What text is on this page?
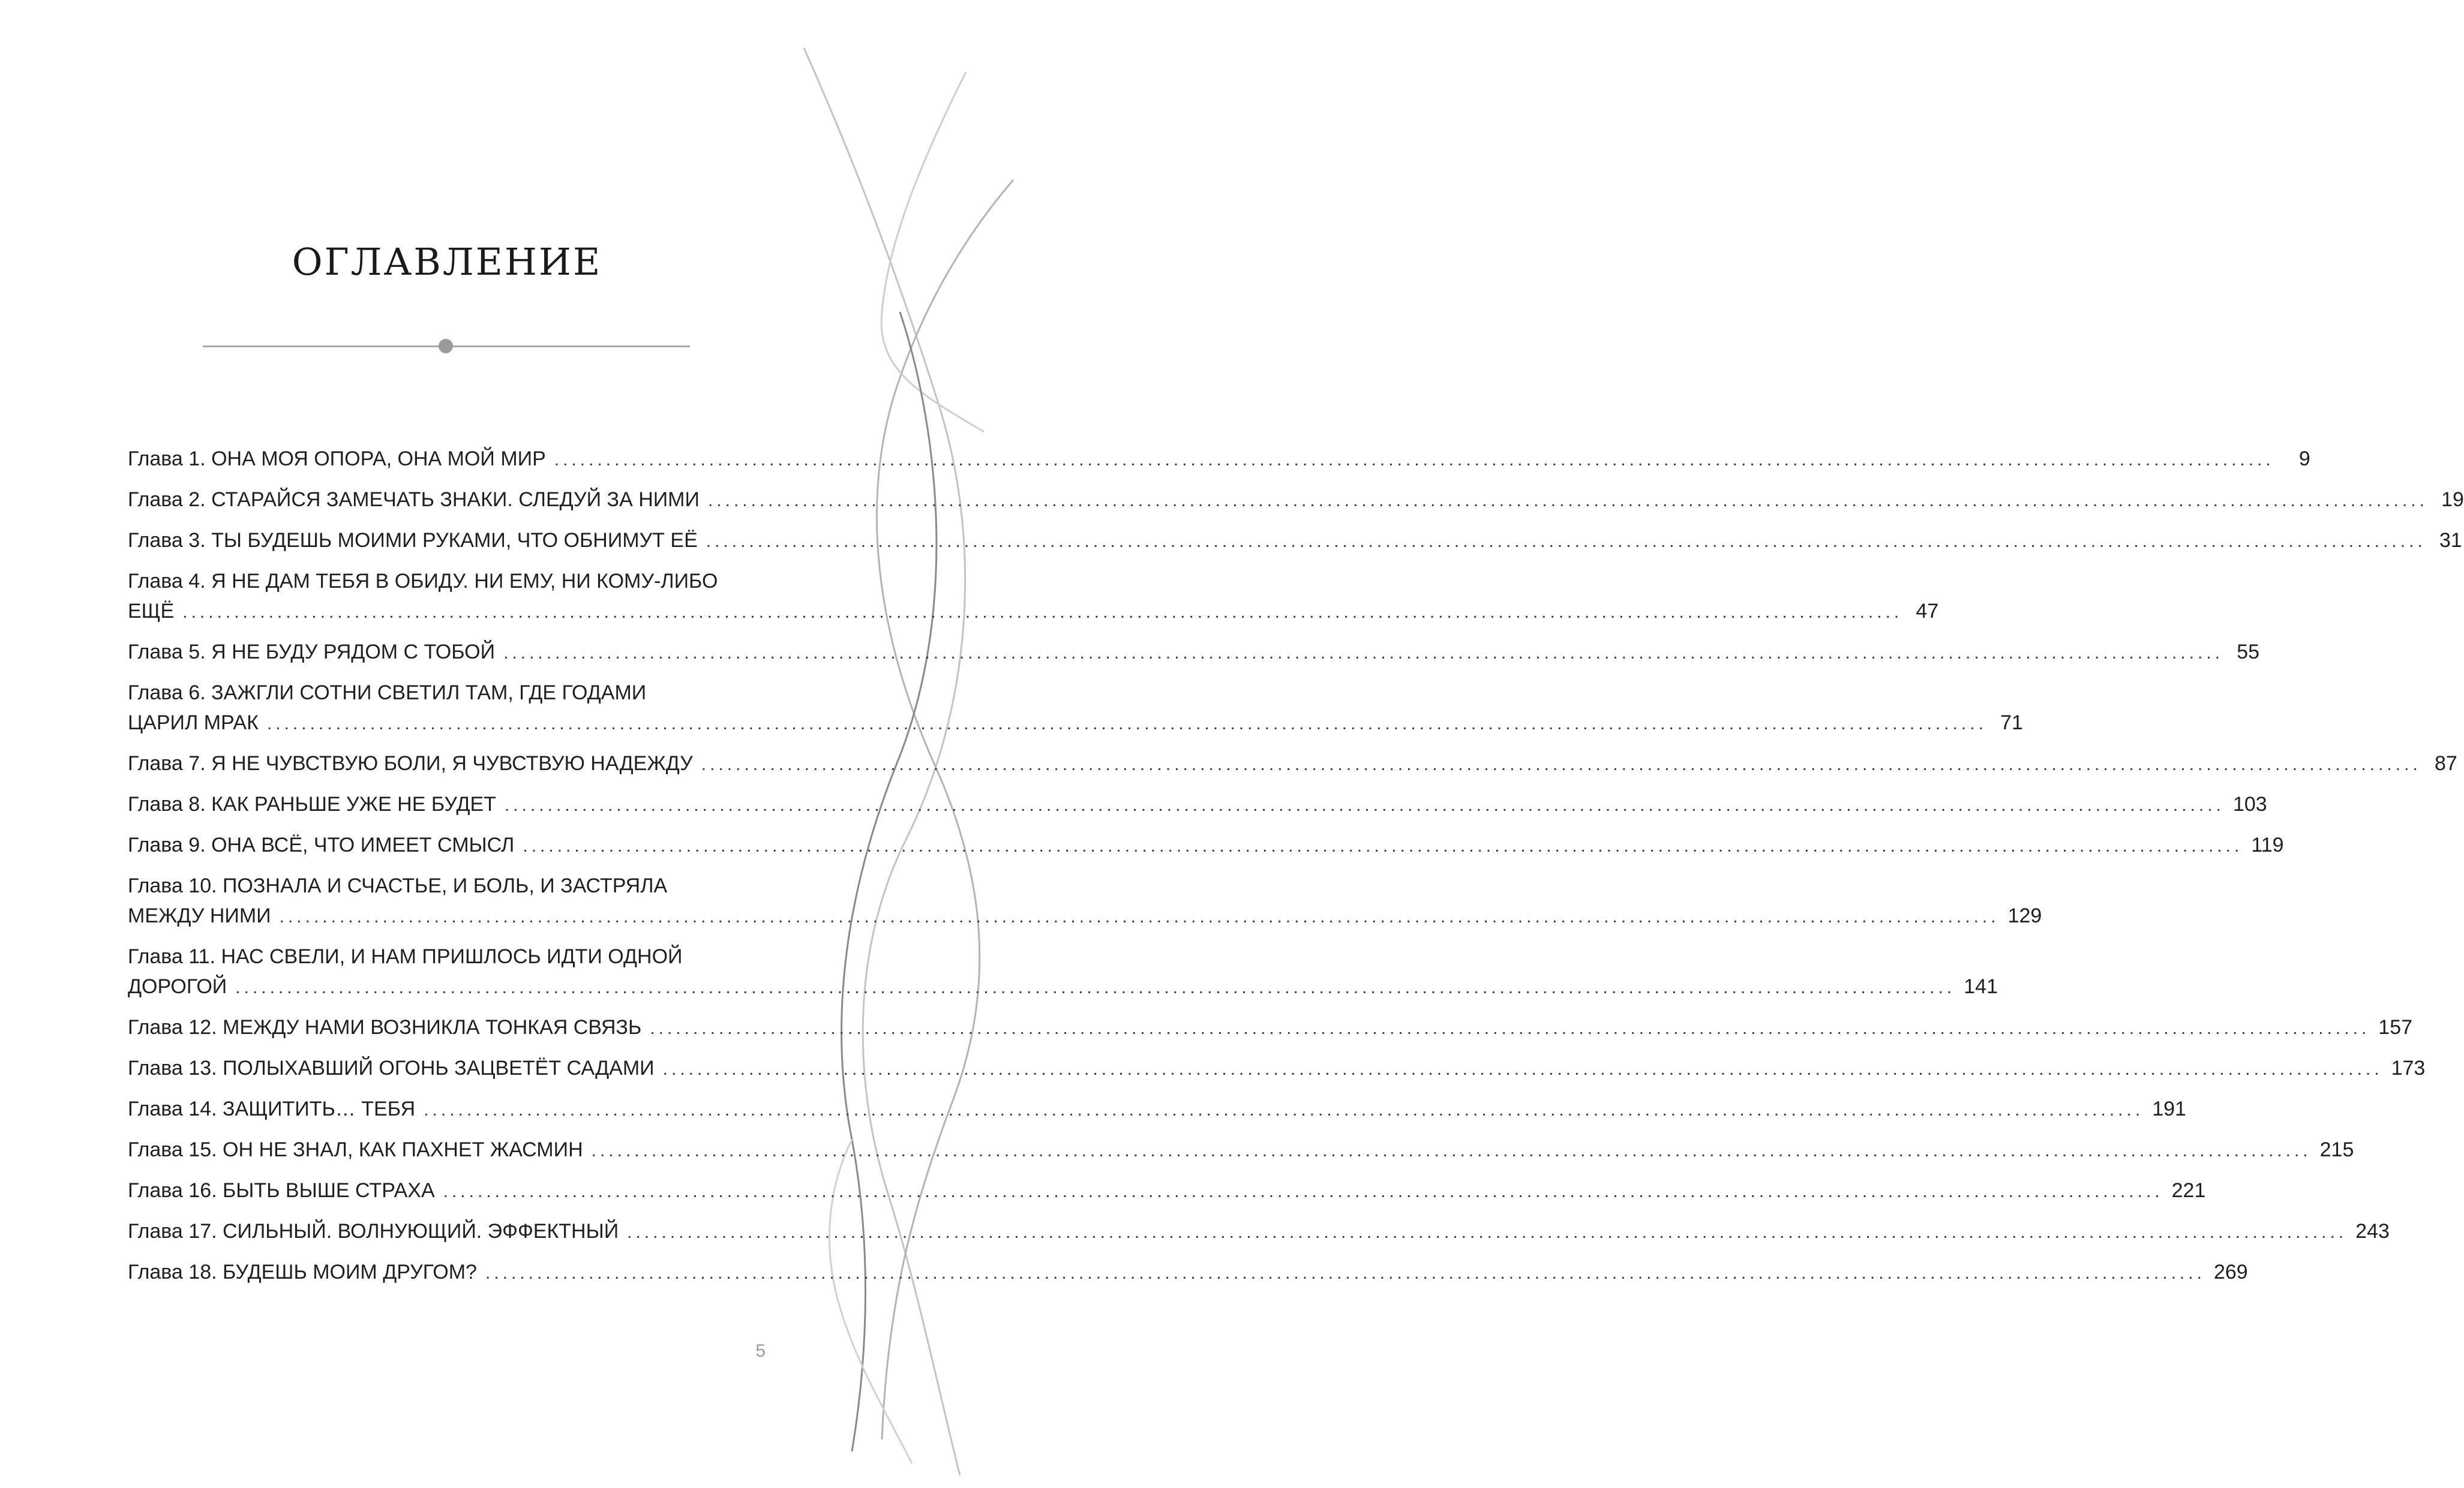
ОГЛАВЛЕНИЕ
Глава 1. ОНА МОЯ ОПОРА, ОНА МОЙ МИР ........................................................................................................................................................................................................	9
Глава 2. СТАРАЙСЯ ЗАМЕЧАТЬ ЗНАКИ. СЛЕДУЙ ЗА НИМИ ........................................................................................................................................................................................................ 19
Глава 3. ТЫ БУДЕШЬ МОИМИ РУКАМИ, ЧТО ОБНИМУТ ЕЁ ........................................................................................................................................................................................................ 31
Глава 4. Я НЕ ДАМ ТЕБЯ В ОБИДУ. НИ ЕМУ, НИ КОМУ-ЛИБО
ЕЩЁ ........................................................................................................................................................................................................ 47
Глава 5. Я НЕ БУДУ РЯДОМ С ТОБОЙ ........................................................................................................................................................................................................ 55
Глава 6. ЗАЖГЛИ СОТНИ СВЕТИЛ ТАМ, ГДЕ ГОДАМИ
ЦАРИЛ МРАК ........................................................................................................................................................................................................ 71
Глава 7. Я НЕ ЧУВСТВУЮ БОЛИ, Я ЧУВСТВУЮ НАДЕЖДУ ........................................................................................................................................................................................................ 87
Глава 8. КАК РАНЬШЕ УЖЕ НЕ БУДЕТ ........................................................................................................................................................................................................ 103
Глава 9. ОНА ВСЁ, ЧТО ИМЕЕТ СМЫСЛ ........................................................................................................................................................................................................ 119
Глава 10. ПОЗНАЛА И СЧАСТЬЕ, И БОЛЬ, И ЗАСТРЯЛА
МЕЖДУ НИМИ ........................................................................................................................................................................................................ 129
Глава 11. НАС СВЕЛИ, И НАМ ПРИШЛОСЬ ИДТИ ОДНОЙ
ДОРОГОЙ ........................................................................................................................................................................................................ 141
Глава 12. МЕЖДУ НАМИ ВОЗНИКЛА ТОНКАЯ СВЯЗЬ ........................................................................................................................................................................................................ 157
Глава 13. ПОЛЫХАВШИЙ ОГОНЬ ЗАЦВЕТЁТ САДАМИ ........................................................................................................................................................................................................ 173
Глава 14. ЗАЩИТИТЬ… ТЕБЯ ........................................................................................................................................................................................................ 191
Глава 15. ОН НЕ ЗНАЛ, КАК ПАХНЕТ ЖАСМИН ........................................................................................................................................................................................................ 215
Глава 16. БЫТЬ ВЫШЕ СТРАХА ........................................................................................................................................................................................................ 221
Глава 17. СИЛЬНЫЙ. ВОЛНУЮЩИЙ. ЭФФЕКТНЫЙ ........................................................................................................................................................................................................ 243
Глава 18. БУДЕШЬ МОИМ ДРУГОМ? ........................................................................................................................................................................................................ 269
5
